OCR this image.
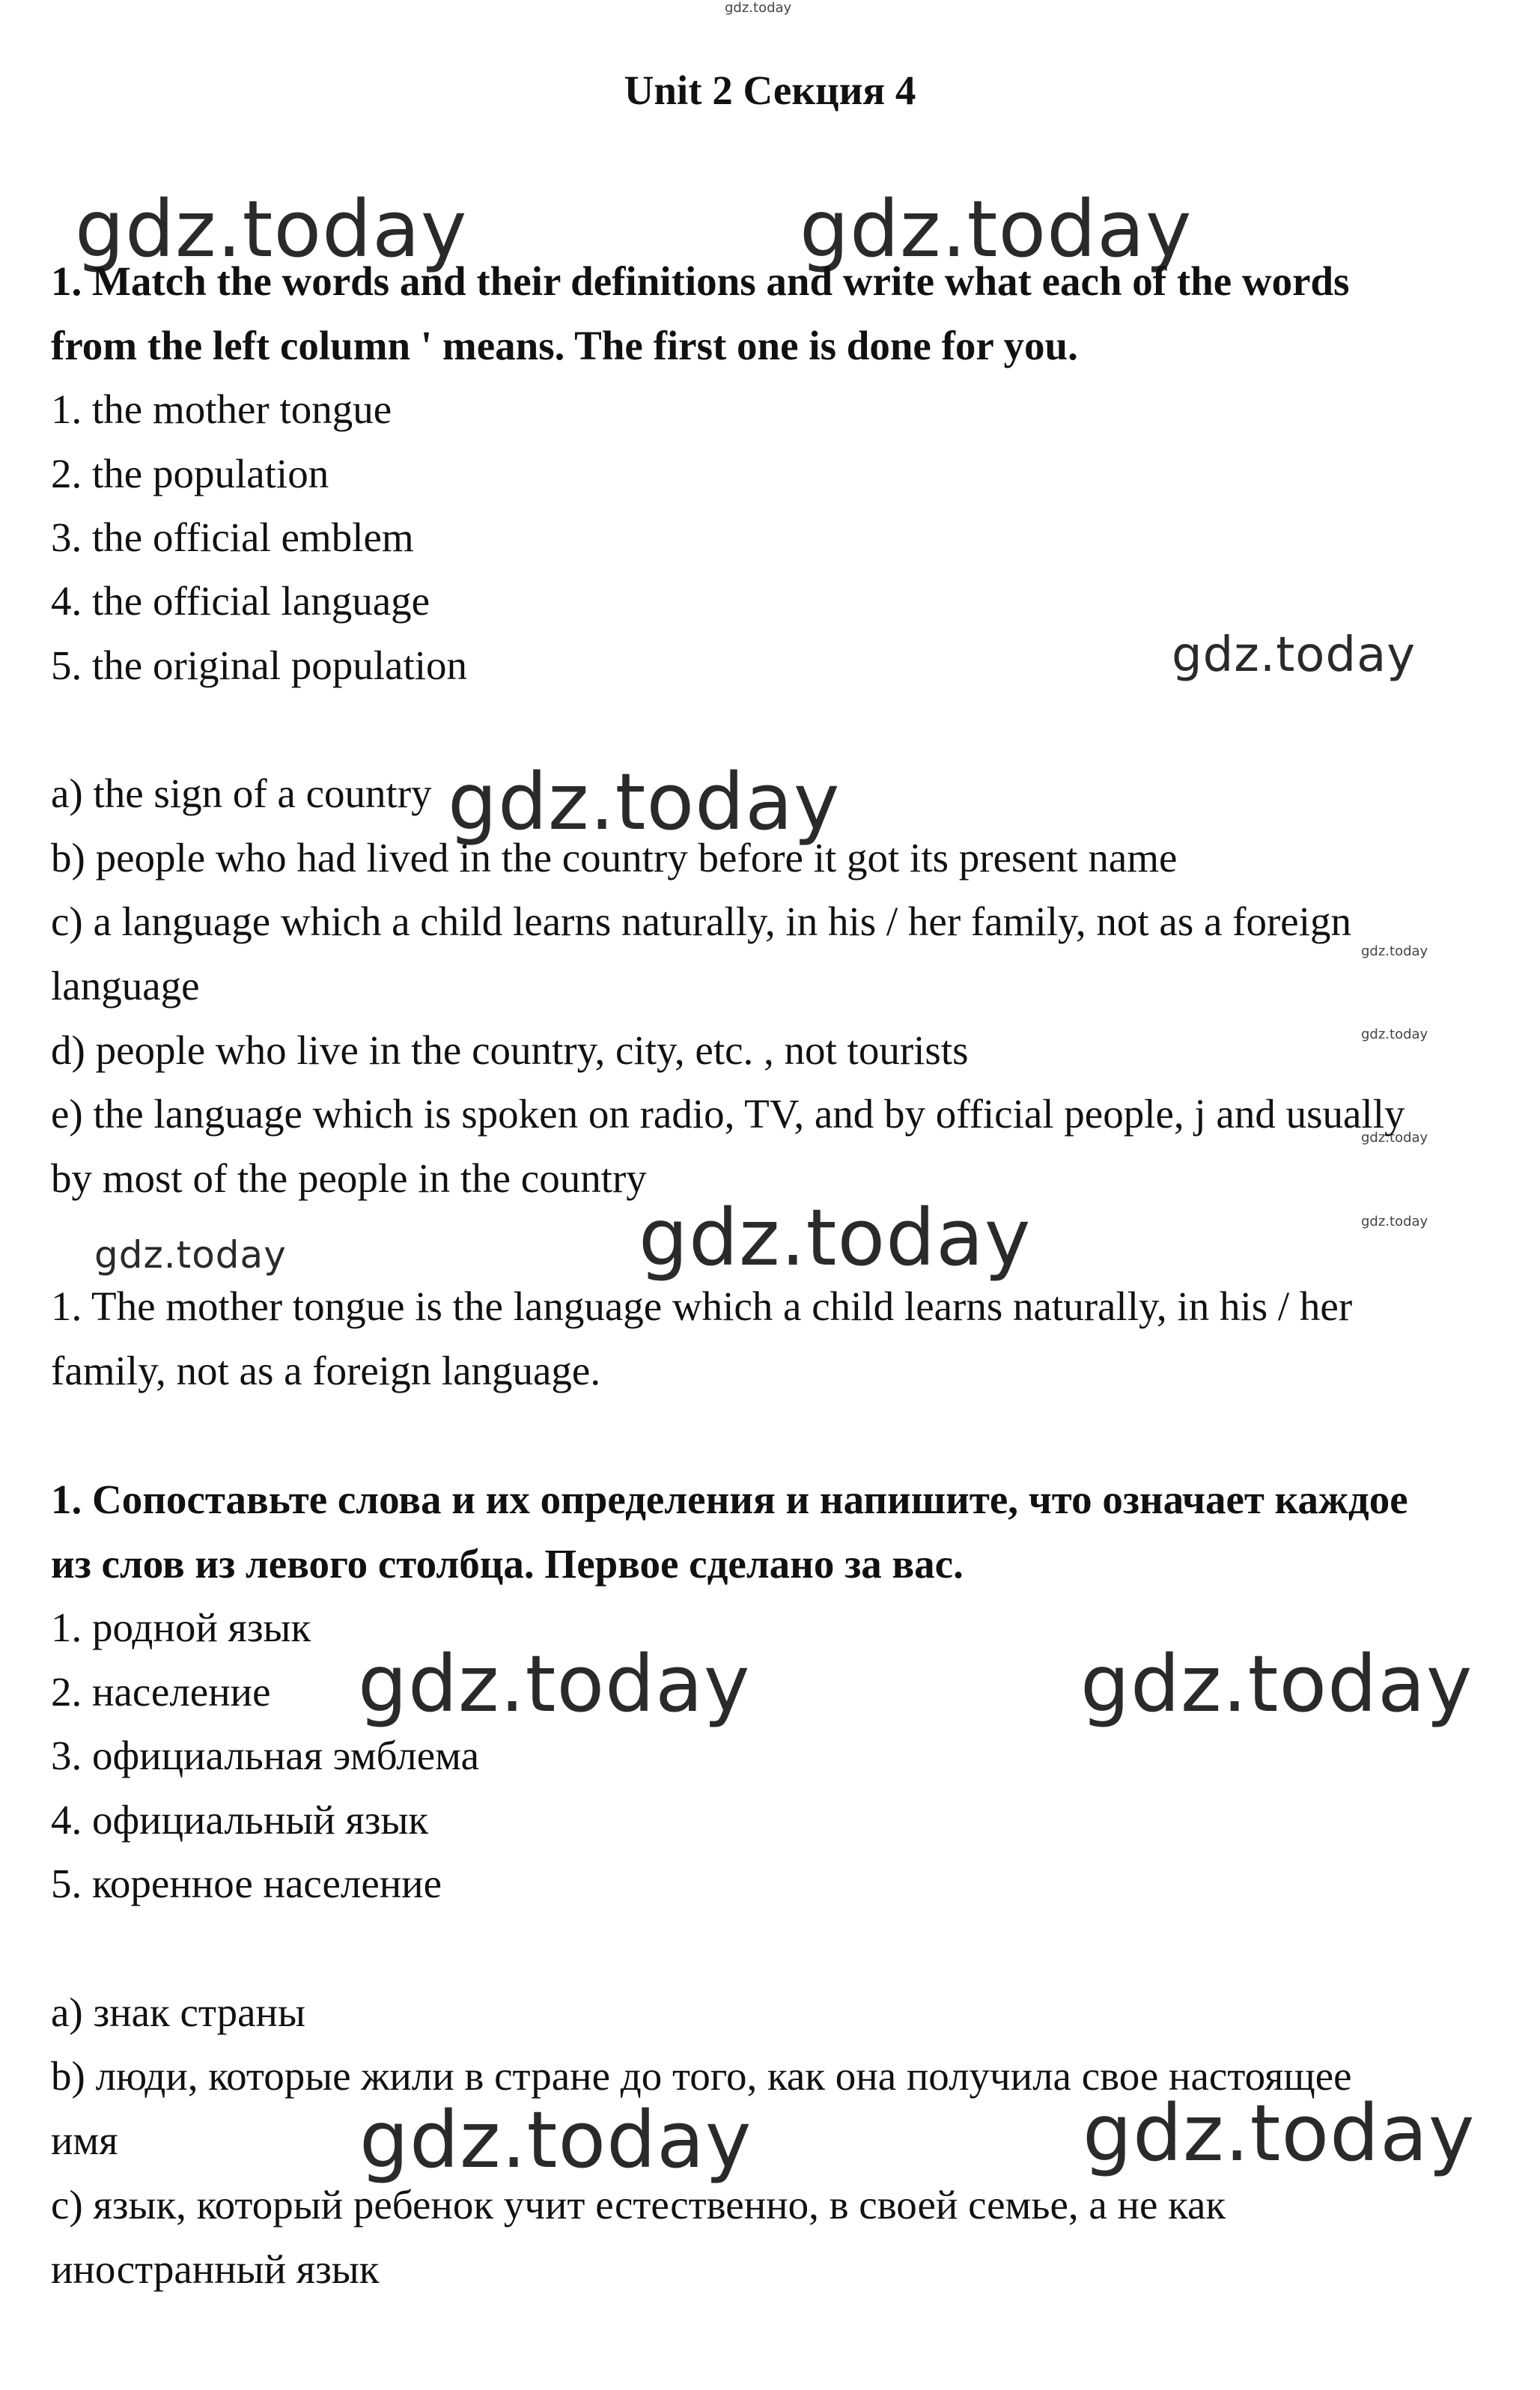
gdz.today
Unit 2 Секция 4
gdz.today	gdz.today
gdz.today
gdz.today
gdz.today
gdz.today
gdz.today
gdz.today
gdz.today	gdz.today
gdz.today	gdz.today
gdz.today	gdz.today
1. Match the words and their definitions and write what each of the words
from the left column ' means. The first one is done for you.
1. the mother tongue
2. the population
3. the official emblem
4. the official language
5. the original population
a) the sign of a country
b) people who had lived in the country before it got its present name
c) a language which a child learns naturally, in his / her family, not as a foreign
language
d) people who live in the country, city, etc. , not tourists
e) the language which is spoken on radio, TV, and by official people, j and usually
by most of the people in the country
1. The mother tongue is the language which a child learns naturally, in his / her
family, not as a foreign language.
1. Сопоставьте слова и их определения и напишите, что означает каждое
из слов из левого столбца. Первое сделано за вас.
1. родной язык
2. население
3. официальная эмблема
4. официальный язык
5. коренное население
a) знак страны
b) люди, которые жили в стране до того, как она получила свое настоящее
имя
c) язык, который ребенок учит естественно, в своей семье, а не как
иностранный язык
